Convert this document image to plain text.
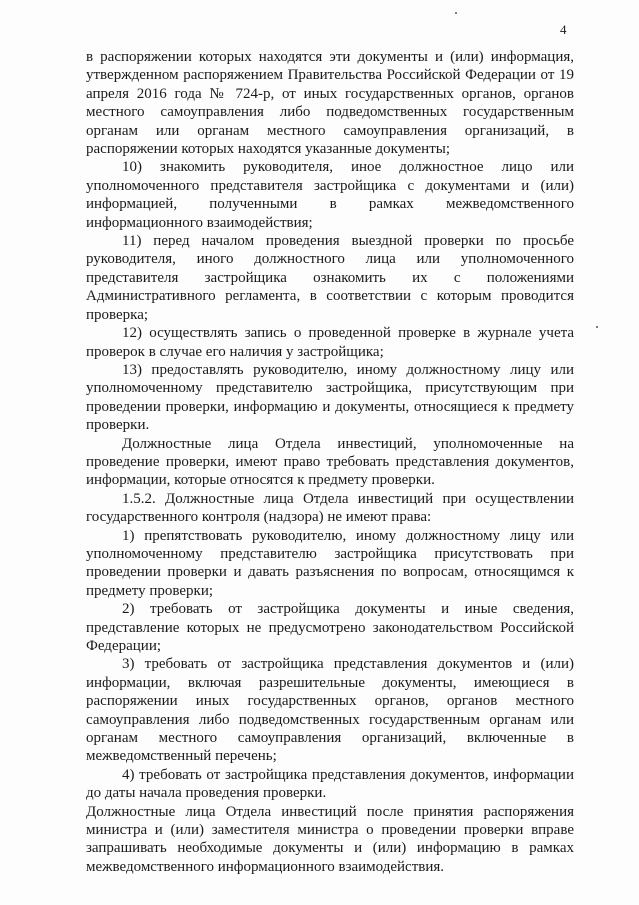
4

в распоряжении которых находятся эти документы и (или) информация, утвержденном распоряжением Правительства Российской Федерации от 19 апреля 2016 года № 724-р, от иных государственных органов, органов местного самоуправления либо подведомственных государственным органам или органам местного самоуправления организаций, в распоряжении которых находятся указанные документы;

10) знакомить руководителя, иное должностное лицо или уполномоченного представителя застройщика с документами и (или) информацией, полученными в рамках межведомственного информационного взаимодействия;

11) перед началом проведения выездной проверки по просьбе руководителя, иного должностного лица или уполномоченного представителя застройщика ознакомить их с положениями Административного регламента, в соответствии с которым проводится проверка;

12) осуществлять запись о проведенной проверке в журнале учета проверок в случае его наличия у застройщика;

13) предоставлять руководителю, иному должностному лицу или уполномоченному представителю застройщика, присутствующим при проведении проверки, информацию и документы, относящиеся к предмету проверки.

Должностные лица Отдела инвестиций, уполномоченные на проведение проверки, имеют право требовать представления документов, информации, которые относятся к предмету проверки.

1.5.2. Должностные лица Отдела инвестиций при осуществлении государственного контроля (надзора) не имеют права:

1) препятствовать руководителю, иному должностному лицу или уполномоченному представителю застройщика присутствовать при проведении проверки и давать разъяснения по вопросам, относящимся к предмету проверки;

2) требовать от застройщика документы и иные сведения, представление которых не предусмотрено законодательством Российской Федерации;

3) требовать от застройщика представления документов и (или) информации, включая разрешительные документы, имеющиеся в распоряжении иных государственных органов, органов местного самоуправления либо подведомственных государственным органам или органам местного самоуправления организаций, включенные в межведомственный перечень;

4) требовать от застройщика представления документов, информации до даты начала проведения проверки.

Должностные лица Отдела инвестиций после принятия распоряжения министра и (или) заместителя министра о проведении проверки вправе запрашивать необходимые документы и (или) информацию в рамках межведомственного информационного взаимодействия.
